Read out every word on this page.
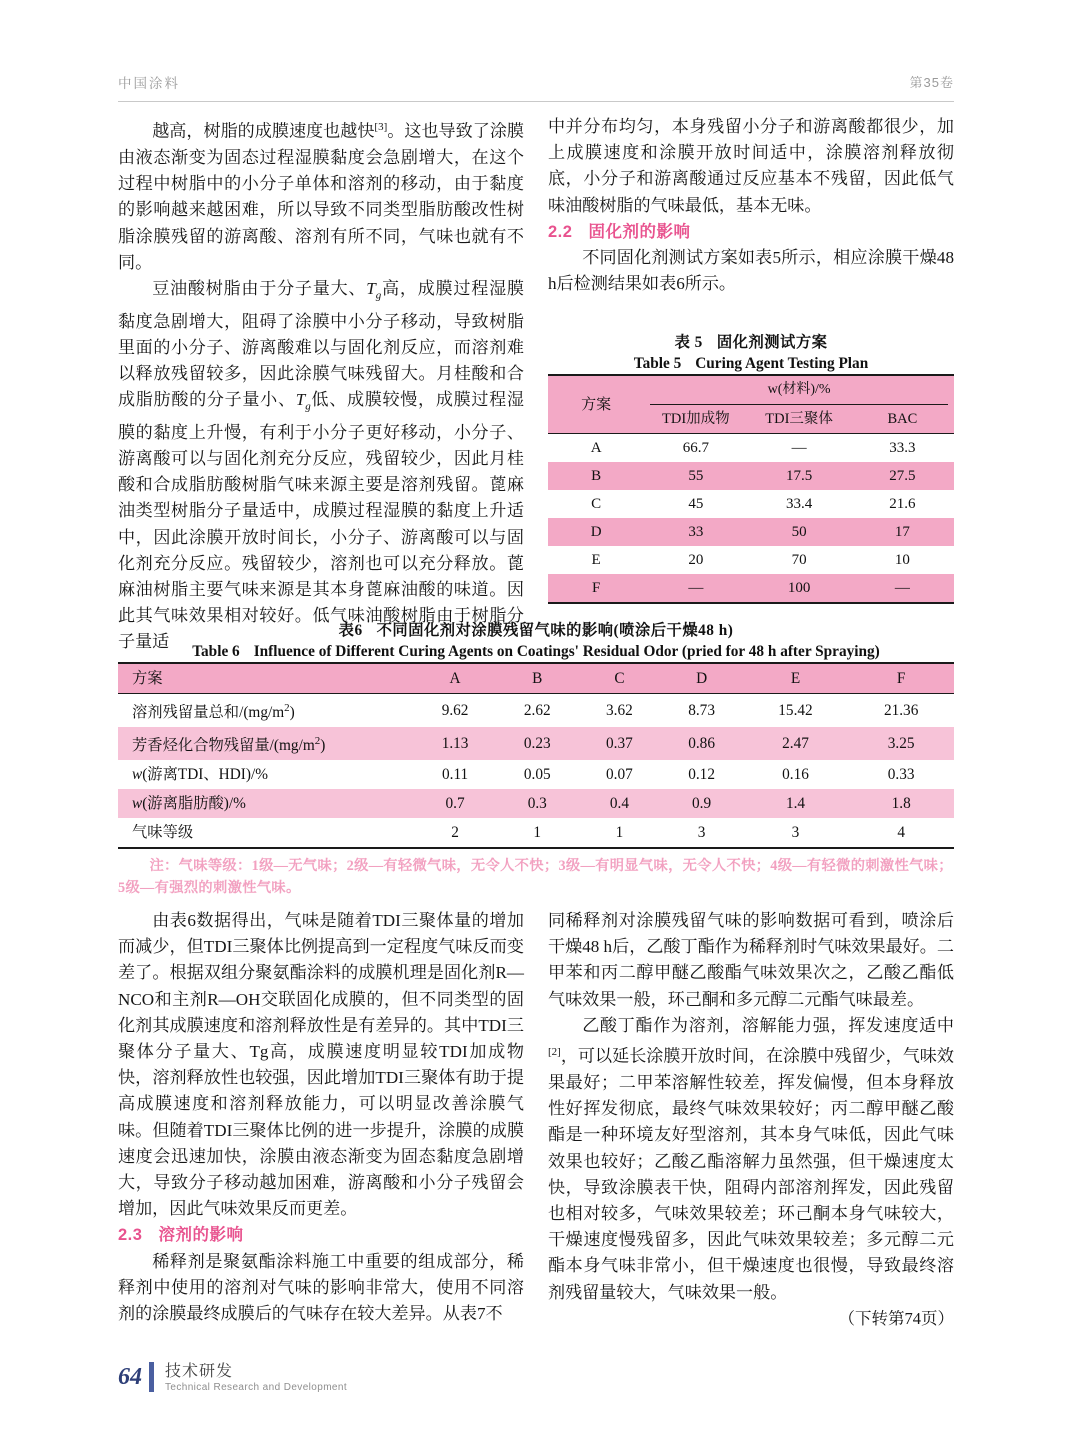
中国涂料	第35卷

越高，树脂的成膜速度也越快[3]。这也导致了涂膜由液态渐变为固态过程湿膜黏度会急剧增大，在这个过程中树脂中的小分子单体和溶剂的移动，由于黏度的影响越来越困难，所以导致不同类型脂肪酸改性树脂涂膜残留的游离酸、溶剂有所不同，气味也就有不同。

豆油酸树脂由于分子量大、$T_g$高，成膜过程湿膜黏度急剧增大，阻碍了涂膜中小分子移动，导致树脂里面的小分子、游离酸难以与固化剂反应，而溶剂难以释放残留较多，因此涂膜气味残留大。月桂酸和合成脂肪酸的分子量小、$T_g$低、成膜较慢，成膜过程湿膜的黏度上升慢，有利于小分子更好移动，小分子、游离酸可以与固化剂充分反应，残留较少，因此月桂酸和合成脂肪酸树脂气味来源主要是溶剂残留。蓖麻油类型树脂分子量适中，成膜过程湿膜的黏度上升适中，因此涂膜开放时间长，小分子、游离酸可以与固化剂充分反应。残留较少，溶剂也可以充分释放。蓖麻油树脂主要气味来源是其本身蓖麻油酸的味道。因此其气味效果相对较好。低气味油酸树脂由于树脂分子量适

中并分布均匀，本身残留小分子和游离酸都很少，加上成膜速度和涂膜开放时间适中，涂膜溶剂释放彻底，小分子和游离酸通过反应基本不残留，因此低气味油酸树脂的气味最低，基本无味。

2.2 固化剂的影响

不同固化剂测试方案如表5所示，相应涂膜干燥48 h后检测结果如表6所示。

表 5 固化剂测试方案
Table 5 Curing Agent Testing Plan
方案	w(材料)/%		
	TDI加成物	TDI三聚体	BAC
A	66.7	—	33.3
B	55	17.5	27.5
C	45	33.4	21.6
D	33	50	17
E	20	70	10
F	—	100	—
表6 不同固化剂对涂膜残留气味的影响(喷涂后干燥48 h)
Table 6 Influence of Different Curing Agents on Coatings' Residual Odor (pried for 48 h after Spraying)
方案	A	B	C	D	E	F
溶剂残留量总和$/(mg/m^2)$	9.62	2.62	3.62	8.73	15.42	21.36
芳香烃化合物残留量$/(mg/m^2)$	1.13	0.23	0.37	0.86	2.47	3.25
w(游离TDI、HDI)/%	0.11	0.05	0.07	0.12	0.16	0.33
w(游离脂肪酸)/%	0.7	0.3	0.4	0.9	1.4	1.8
气味等级	2	1	1	3	3	4
注：气味等级：1级—无气味；2级—有轻微气味，无令人不快；3级—有明显气味，无令人不快；4级—有轻微的刺激性气味；5级—有强烈的刺激性气味。

由表6数据得出，气味是随着TDI三聚体量的增加而减少，但TDI三聚体比例提高到一定程度气味反而变差了。根据双组分聚氨酯涂料的成膜机理是固化剂R—NCO和主剂R—OH交联固化成膜的，但不同类型的固化剂其成膜速度和溶剂释放性是有差异的。其中TDI三聚体分子量大、Tg高，成膜速度明显较TDI加成物快，溶剂释放性也较强，因此增加TDI三聚体有助于提高成膜速度和溶剂释放能力，可以明显改善涂膜气味。但随着TDI三聚体比例的进一步提升，涂膜的成膜速度会迅速加快，涂膜由液态渐变为固态黏度急剧增大，导致分子移动越加困难，游离酸和小分子残留会增加，因此气味效果反而更差。

2.3 溶剂的影响

稀释剂是聚氨酯涂料施工中重要的组成部分，稀释剂中使用的溶剂对气味的影响非常大，使用不同溶剂的涂膜最终成膜后的气味存在较大差异。从表7不

同稀释剂对涂膜残留气味的影响数据可看到，喷涂后干燥48 h后，乙酸丁酯作为稀释剂时气味效果最好。二甲苯和丙二醇甲醚乙酸酯气味效果次之，乙酸乙酯低气味效果一般，环己酮和多元醇二元酯气味最差。

乙酸丁酯作为溶剂，溶解能力强，挥发速度适中[2]，可以延长涂膜开放时间，在涂膜中残留少，气味效果最好；二甲苯溶解性较差，挥发偏慢，但本身释放性好挥发彻底，最终气味效果较好；丙二醇甲醚乙酸酯是一种环境友好型溶剂，其本身气味低，因此气味效果也较好；乙酸乙酯溶解力虽然强，但干燥速度太快，导致涂膜表干快，阻碍内部溶剂挥发，因此残留也相对较多，气味效果较差；环己酮本身气味较大，干燥速度慢残留多，因此气味效果较差；多元醇二元酯本身气味非常小，但干燥速度也很慢，导致最终溶剂残留量较大，气味效果一般。

（下转第74页）

64	技术研发
Technical Research and Development
